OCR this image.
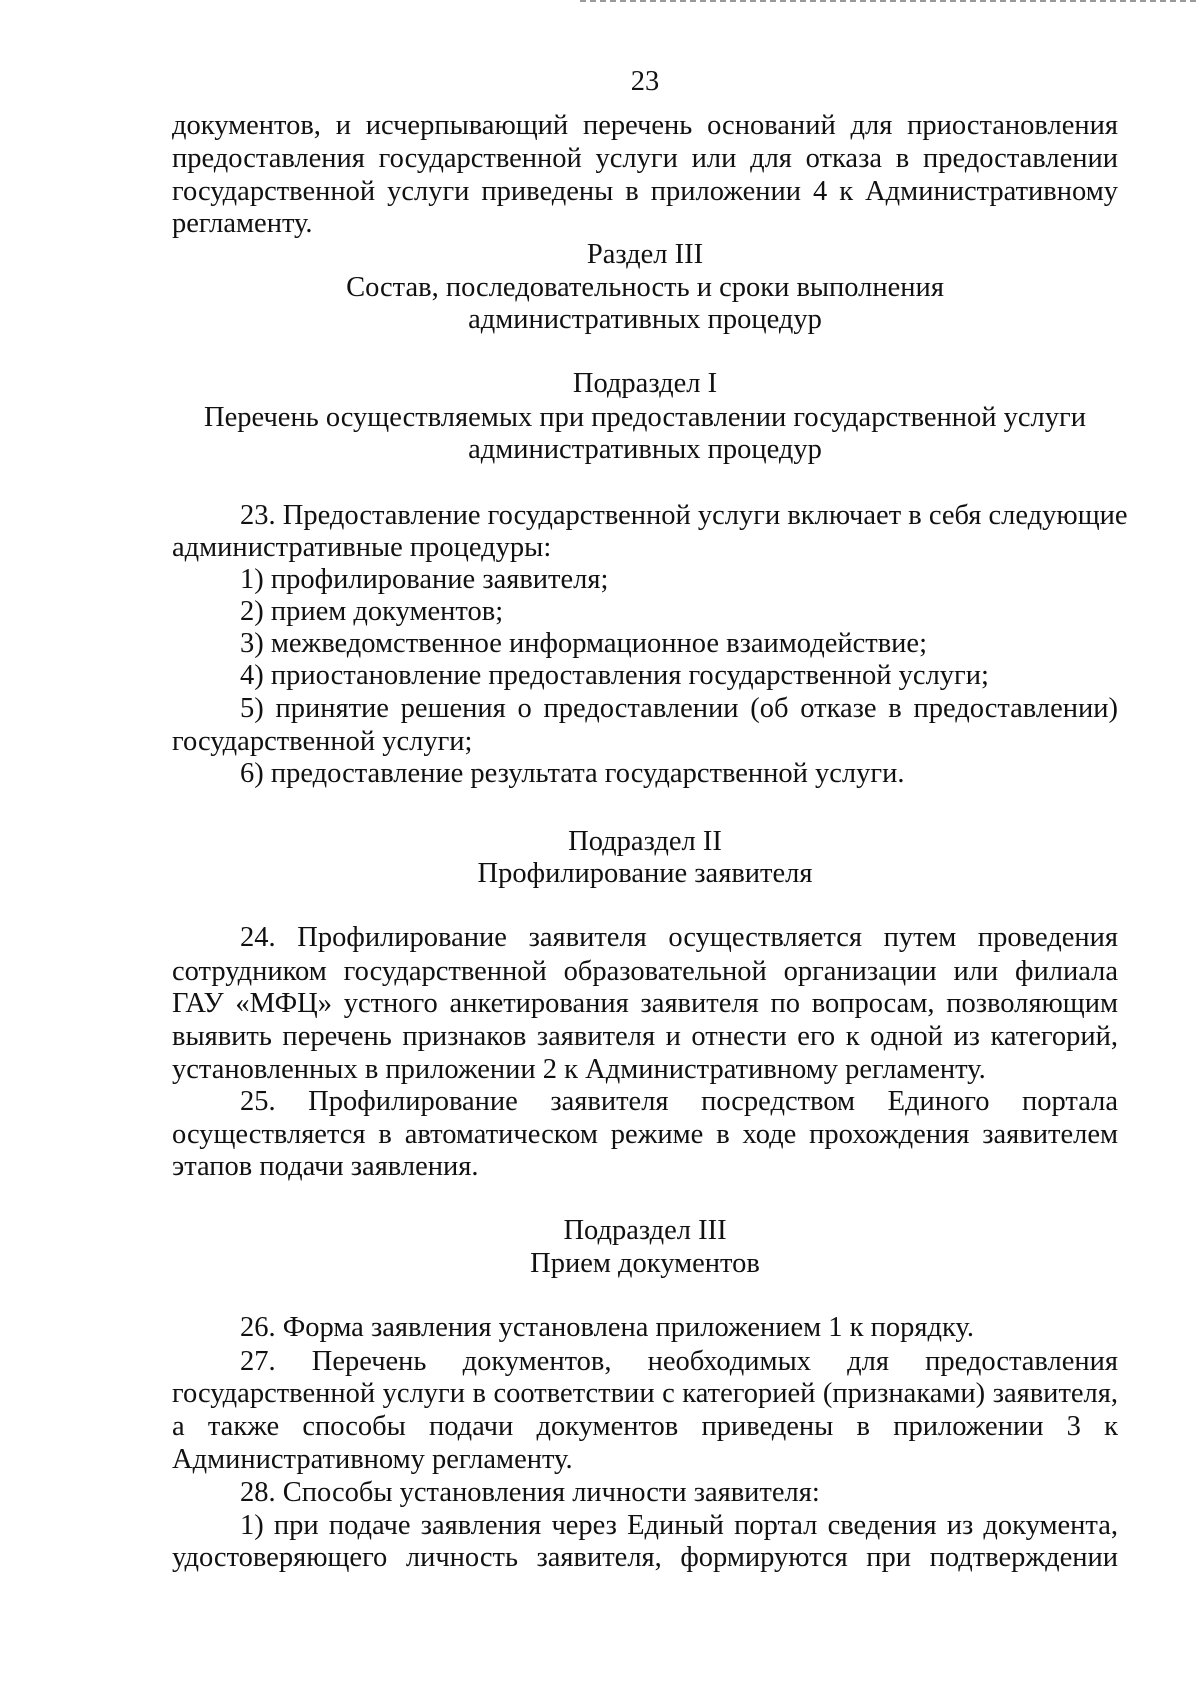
23
документов, и исчерпывающий перечень оснований для приостановления
предоставления государственной услуги или для отказа в предоставлении
государственной услуги приведены в приложении 4 к Административному
регламенту.
Раздел III
Состав, последовательность и сроки выполнения
административных процедур
Подраздел I
Перечень осуществляемых при предоставлении государственной услуги
административных процедур
23. Предоставление государственной услуги включает в себя следующие
административные процедуры:
1) профилирование заявителя;
2) прием документов;
3) межведомственное информационное взаимодействие;
4) приостановление предоставления государственной услуги;
5) принятие решения о предоставлении (об отказе в предоставлении)
государственной услуги;
6) предоставление результата государственной услуги.
Подраздел II
Профилирование заявителя
24. Профилирование заявителя осуществляется путем проведения
сотрудником государственной образовательной организации или филиала
ГАУ «МФЦ» устного анкетирования заявителя по вопросам, позволяющим
выявить перечень признаков заявителя и отнести его к одной из категорий,
установленных в приложении 2 к Административному регламенту.
25. Профилирование заявителя посредством Единого портала
осуществляется в автоматическом режиме в ходе прохождения заявителем
этапов подачи заявления.
Подраздел III
Прием документов
26. Форма заявления установлена приложением 1 к порядку.
27. Перечень документов, необходимых для предоставления
государственной услуги в соответствии с категорией (признаками) заявителя,
а также способы подачи документов приведены в приложении 3 к
Административному регламенту.
28. Способы установления личности заявителя:
1) при подаче заявления через Единый портал сведения из документа,
удостоверяющего личность заявителя, формируются при подтверждении
